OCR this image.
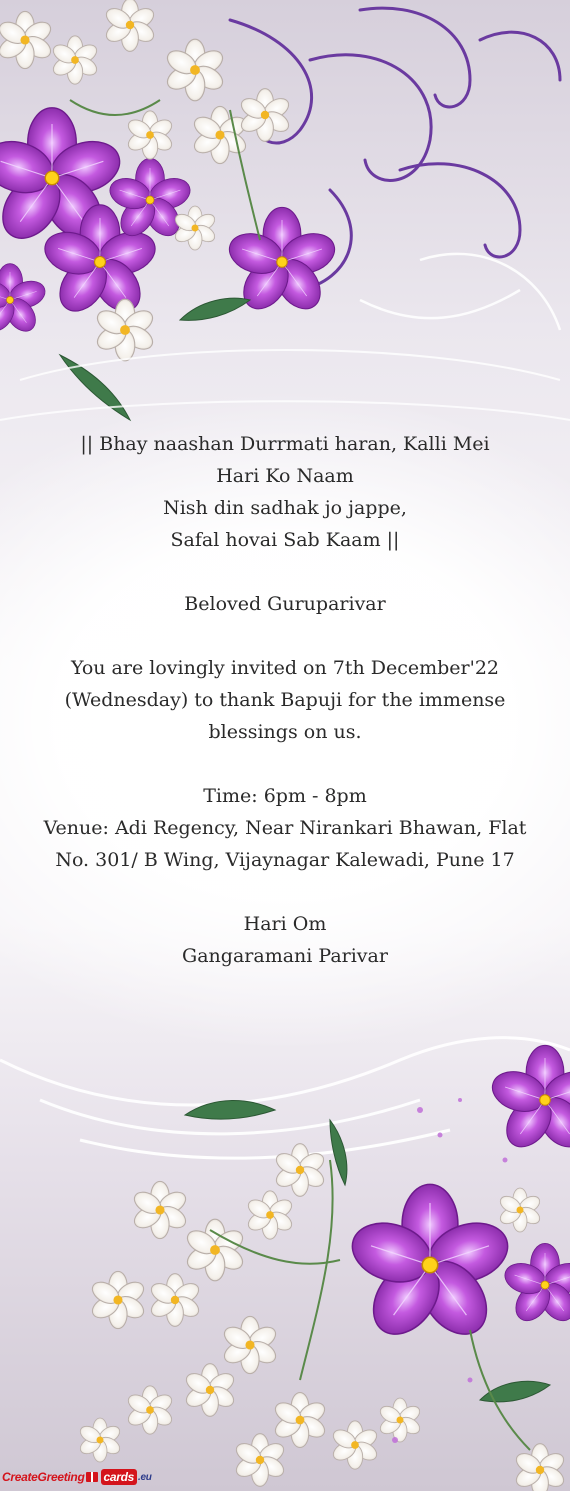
|| Bhay naashan Durrmati haran, Kalli Mei
Hari Ko Naam
Nish din sadhak jo jappe,
Safal hovai Sab Kaam ||
Beloved Guruparivar
You are lovingly invited on 7th December'22
(Wednesday) to thank Bapuji for the immense
blessings on us.
Time: 6pm - 8pm
Venue: Adi Regency, Near Nirankari Bhawan, Flat
No. 301/ B Wing, Vijaynagar Kalewadi, Pune 17
Hari Om
Gangaramani Parivar
CreateGreeting cards .eu
